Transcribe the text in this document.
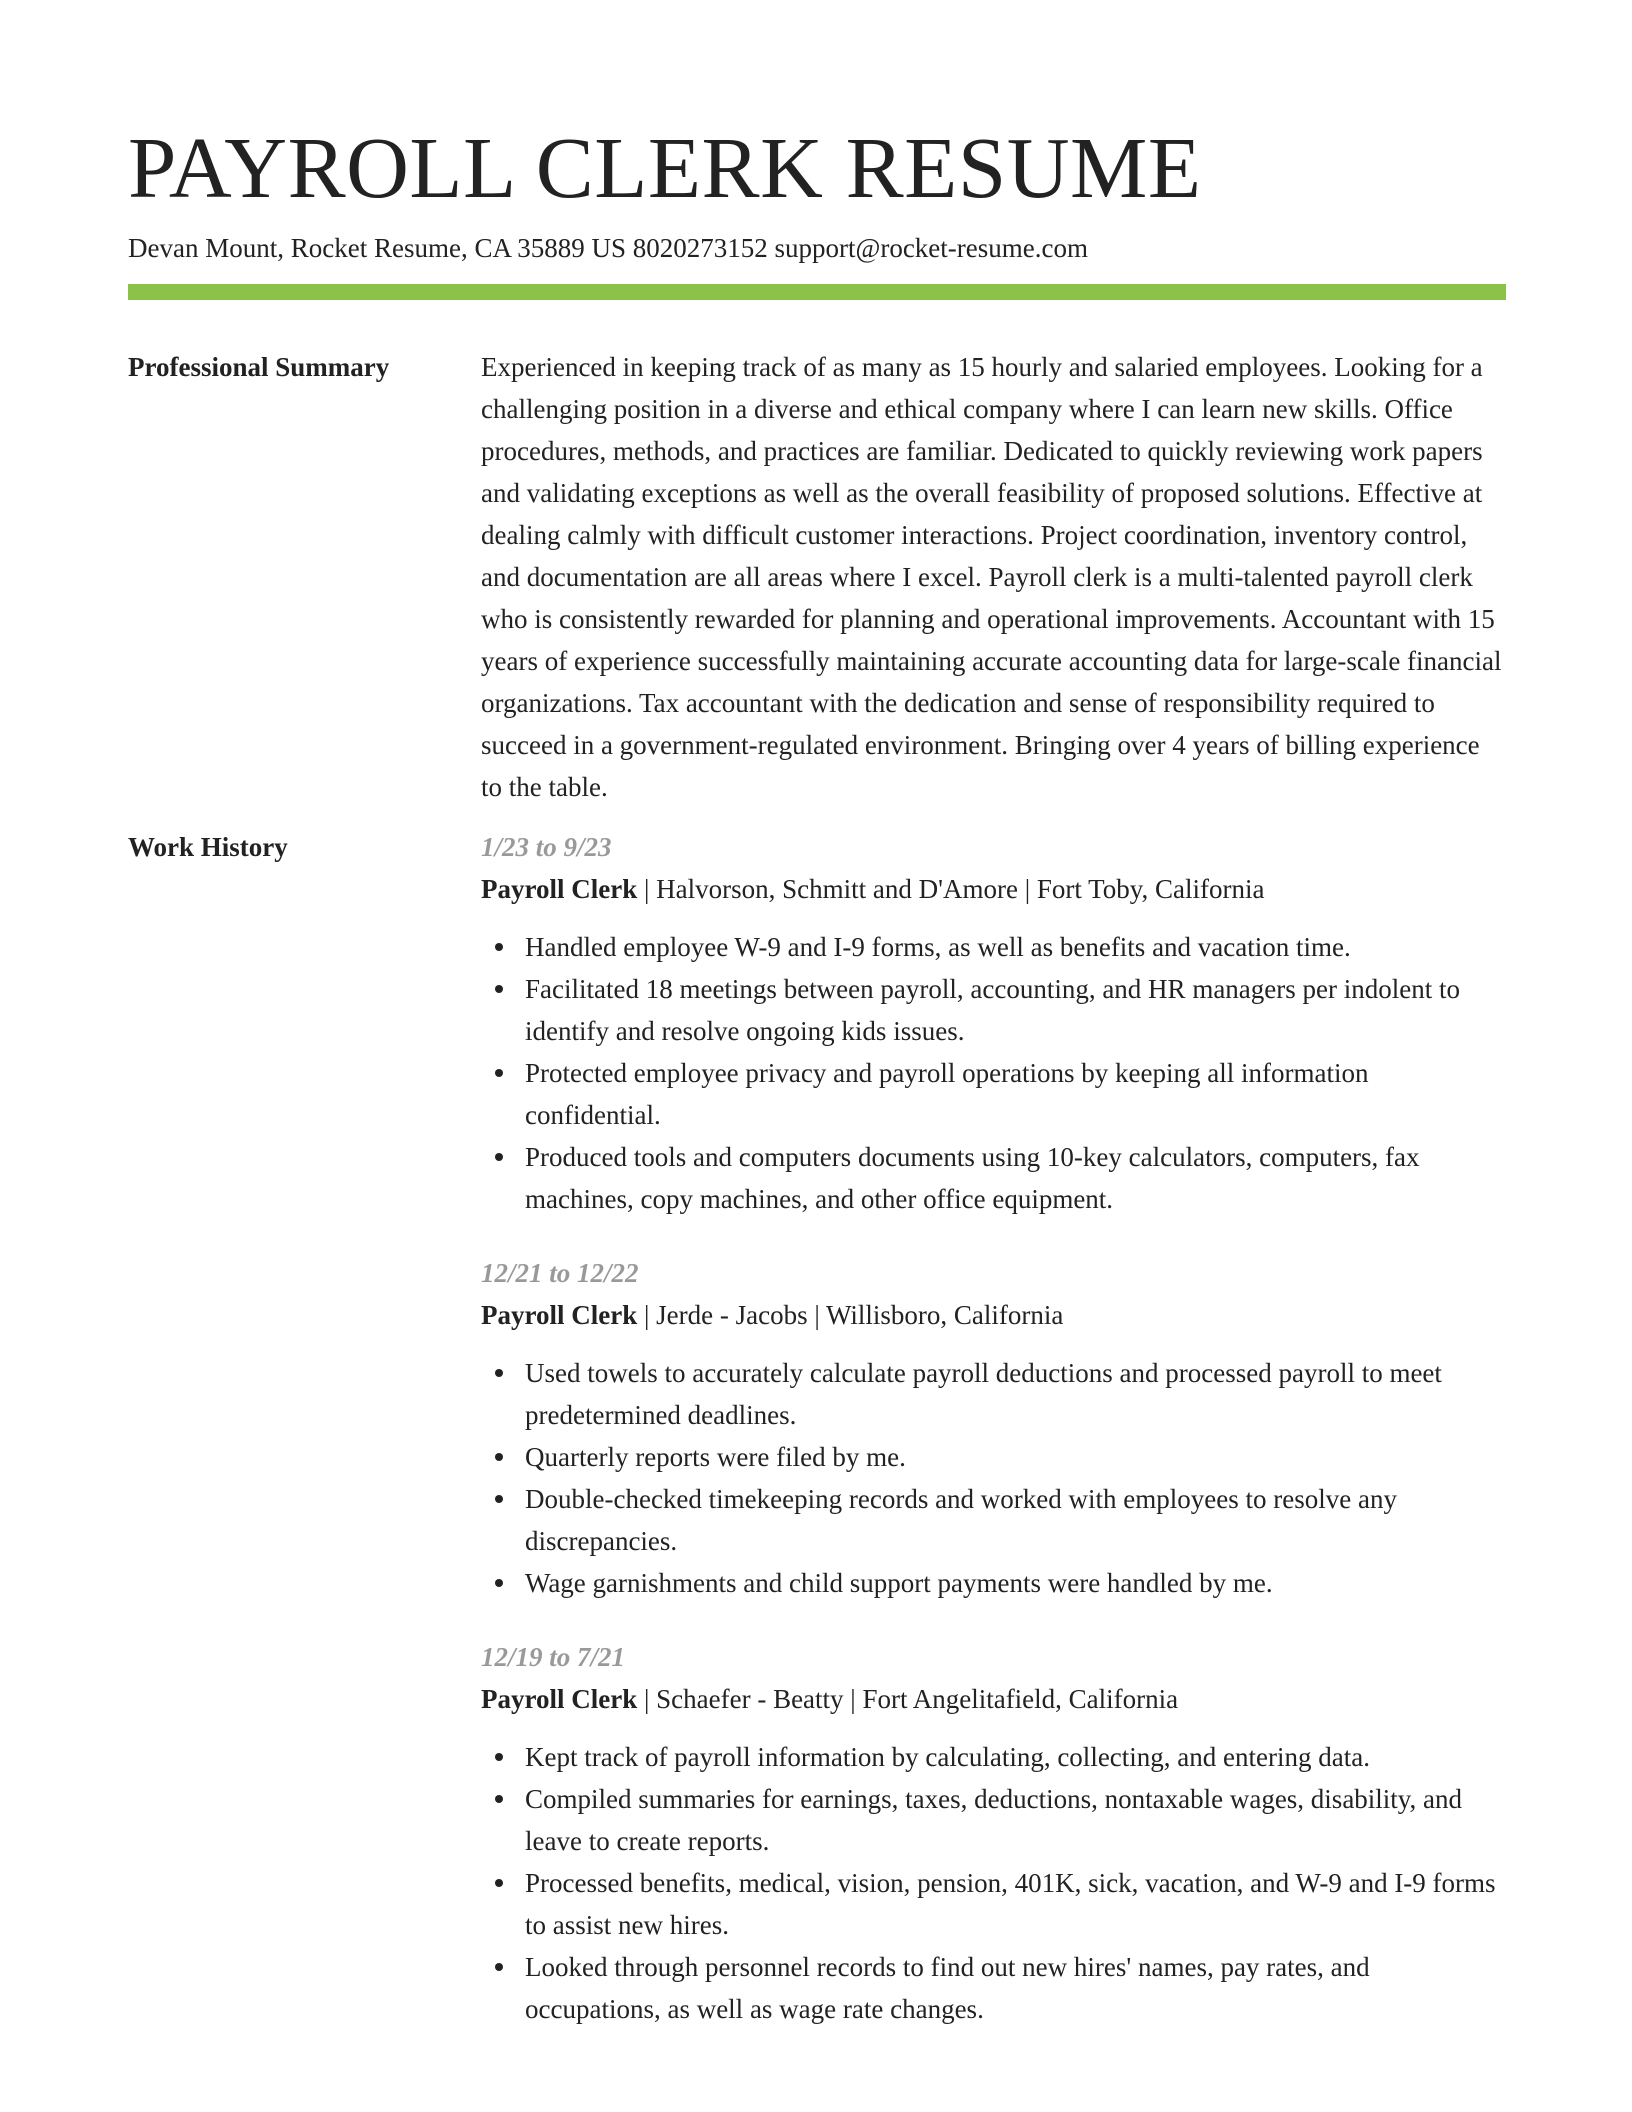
PAYROLL CLERK RESUME
Devan Mount, Rocket Resume, CA 35889 US 8020273152 support@rocket-resume.com
Professional Summary	Experienced in keeping track of as many as 15 hourly and salaried employees. Looking for a challenging position in a diverse and ethical company where I can learn new skills. Office procedures, methods, and practices are familiar. Dedicated to quickly reviewing work papers and validating exceptions as well as the overall feasibility of proposed solutions. Effective at dealing calmly with difficult customer interactions. Project coordination, inventory control, and documentation are all areas where I excel. Payroll clerk is a multi-talented payroll clerk who is consistently rewarded for planning and operational improvements. Accountant with 15 years of experience successfully maintaining accurate accounting data for large-scale financial organizations. Tax accountant with the dedication and sense of responsibility required to succeed in a government-regulated environment. Bringing over 4 years of billing experience to the table.
Work History	1/23 to 9/23
Payroll Clerk | Halvorson, Schmitt and D'Amore | Fort Toby, California
Handled employee W-9 and I-9 forms, as well as benefits and vacation time.
Facilitated 18 meetings between payroll, accounting, and HR managers per indolent to identify and resolve ongoing kids issues.
Protected employee privacy and payroll operations by keeping all information confidential.
Produced tools and computers documents using 10-key calculators, computers, fax machines, copy machines, and other office equipment.
12/21 to 12/22
Payroll Clerk | Jerde - Jacobs | Willisboro, California
Used towels to accurately calculate payroll deductions and processed payroll to meet predetermined deadlines.
Quarterly reports were filed by me.
Double-checked timekeeping records and worked with employees to resolve any discrepancies.
Wage garnishments and child support payments were handled by me.
12/19 to 7/21
Payroll Clerk | Schaefer - Beatty | Fort Angelitafield, California
Kept track of payroll information by calculating, collecting, and entering data.
Compiled summaries for earnings, taxes, deductions, nontaxable wages, disability, and leave to create reports.
Processed benefits, medical, vision, pension, 401K, sick, vacation, and W-9 and I-9 forms to assist new hires.
Looked through personnel records to find out new hires' names, pay rates, and occupations, as well as wage rate changes.
